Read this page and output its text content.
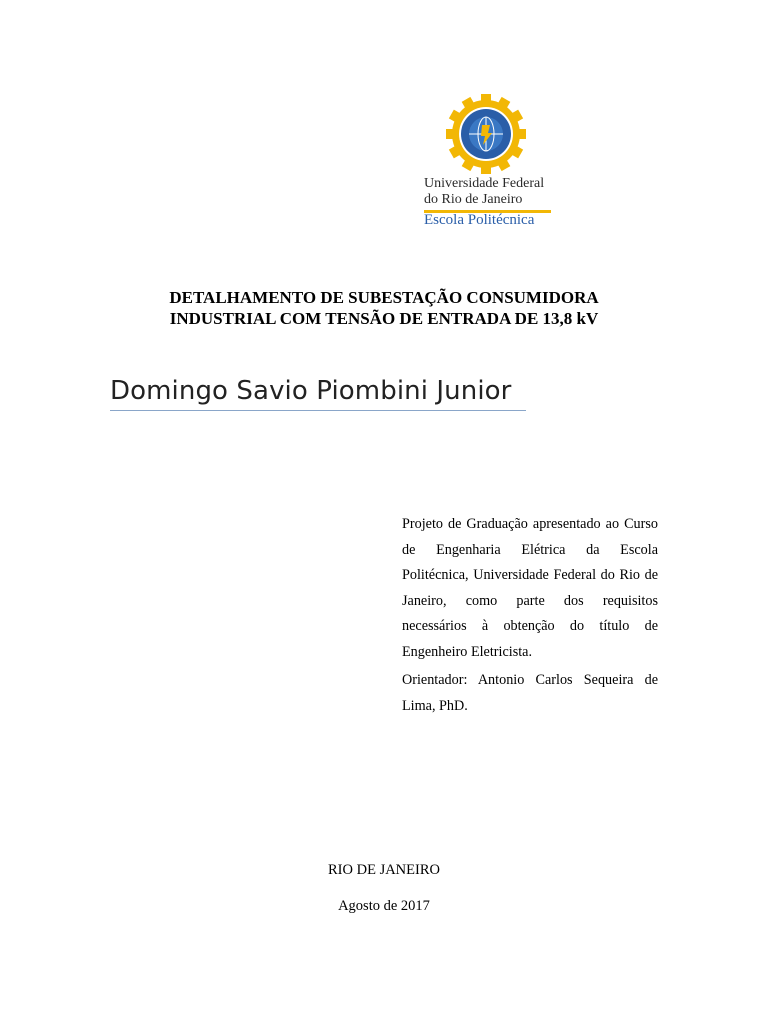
Universidade Federal
do Rio de Janeiro
Escola Politécnica
DETALHAMENTO DE SUBESTAÇÃO CONSUMIDORA
INDUSTRIAL COM TENSÃO DE ENTRADA DE 13,8 kV
Domingo Savio Piombini Junior

Projeto de Graduação apresentado ao Curso de Engenharia Elétrica da Escola Politécnica, Universidade Federal do Rio de Janeiro, como parte dos requisitos necessários à obtenção do título de Engenheiro Eletricista.

Orientador: Antonio Carlos Sequeira de Lima, PhD.

RIO DE JANEIRO
Agosto de 2017
